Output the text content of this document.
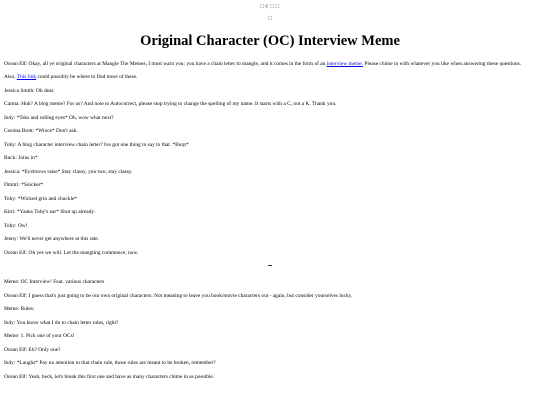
☐♀☐☐
☐
Original Character (OC) Interview Meme

Ocean Elf: Okay, all ye original characters at Mangle The Memes, I must warn you: you have a chain letter to mangle, and it comes in the form of an interview meme. Please chime in with whatever you like when answering these questions.

Also, This link could possibly be where to find more of these.

Jessica Smith: Oh dear.

Carma: Huh? A blog meme? For us? And note to Autocorrect, please stop trying to change the spelling of my name. It starts with a C, not a K. Thank you.

Indy: *Tsks and rolling eyes* Oh, wow what next?

Cosima Brett: *Wince* Don't ask.

Toby: A blog character interview chain letter? Ive got one thing to say to that. *Burp*

Buck: Joins in*

Jessica: *Eyebrows raise* Stay classy, you two, stay classy.

Dmitri: *Snicker*

Toby: *Wicked grin and chuckle*

Kitri: *Yanks Toby's ear* Shut up already.

Toby: Ow!

Jenny: We'll never get anywhere at this rate.

Ocean Elf: Oh yes we will. Let the mangling commence, now.

Meme: OC Interview! Feat. various characters

Ocean Elf: I guess that's just going to be our own original characters. Not meaning to leave you book/movie characters out - again, but consider yourselves lucky.

Meme: Rules:

Indy: You know what I do to chain letter rules, right?

Meme: 1. Pick one of your OCs!

Ocean Elf: Eh? Only one?

Indy: *Laughs* Pay no attention to that chain rule, those rules are meant to be broken, remember?

Ocean Elf: Yeah, heck, let's break this first one and have as many characters chime in as possible.
